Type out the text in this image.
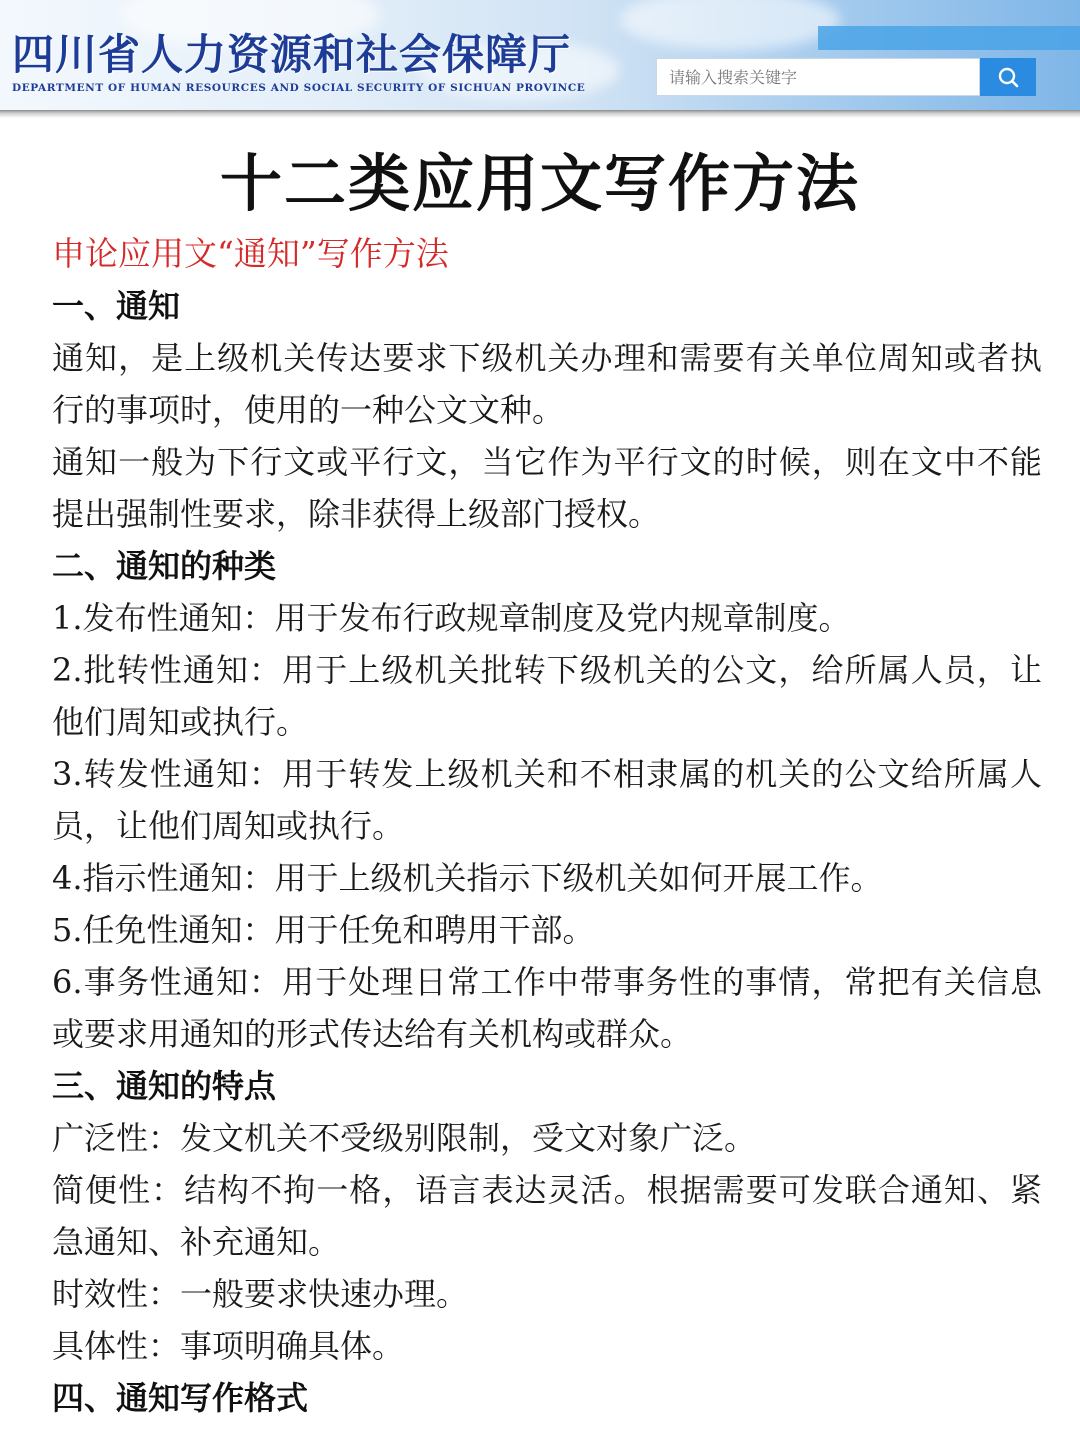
四川省人力资源和社会保障厅
DEPARTMENT OF HUMAN RESOURCES AND SOCIAL SECURITY OF SICHUAN PROVINCE
请输入搜索关键字
十二类应用文写作方法

申论应用文“通知”写作方法

一、通知

通知，是上级机关传达要求下级机关办理和需要有关单位周知或者执行的事项时，使用的一种公文文种。

通知一般为下行文或平行文，当它作为平行文的时候，则在文中不能提出强制性要求，除非获得上级部门授权。

二、通知的种类

1.发布性通知：用于发布行政规章制度及党内规章制度。

2.批转性通知：用于上级机关批转下级机关的公文，给所属人员，让他们周知或执行。

3.转发性通知：用于转发上级机关和不相隶属的机关的公文给所属人员，让他们周知或执行。

4.指示性通知：用于上级机关指示下级机关如何开展工作。

5.任免性通知：用于任免和聘用干部。

6.事务性通知：用于处理日常工作中带事务性的事情，常把有关信息或要求用通知的形式传达给有关机构或群众。

三、通知的特点

广泛性：发文机关不受级别限制，受文对象广泛。

简便性：结构不拘一格，语言表达灵活。根据需要可发联合通知、紧急通知、补充通知。

时效性：一般要求快速办理。

具体性：事项明确具体。

四、通知写作格式
